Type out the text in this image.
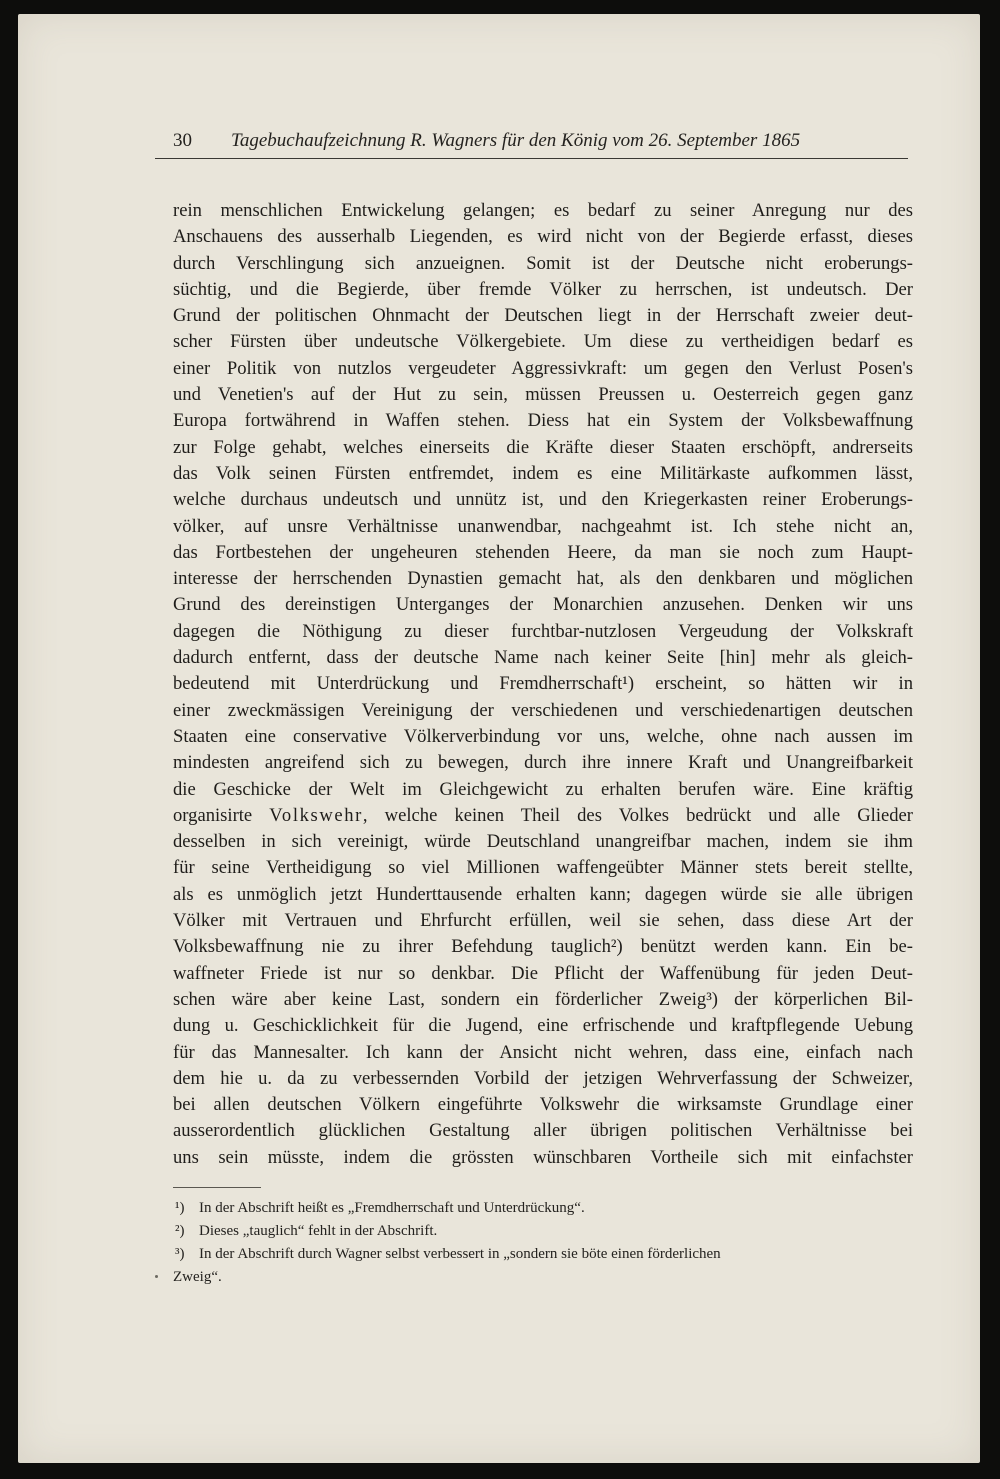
30 Tagebuchaufzeichnung R. Wagners für den König vom 26. September 1865
rein menschlichen Entwickelung gelangen; es bedarf zu seiner Anregung nur des
Anschauens des ausserhalb Liegenden, es wird nicht von der Begierde erfasst, dieses
durch Verschlingung sich anzueignen. Somit ist der Deutsche nicht eroberungs-
süchtig, und die Begierde, über fremde Völker zu herrschen, ist undeutsch. Der
Grund der politischen Ohnmacht der Deutschen liegt in der Herrschaft zweier deut-
scher Fürsten über undeutsche Völkergebiete. Um diese zu vertheidigen bedarf es
einer Politik von nutzlos vergeudeter Aggressivkraft: um gegen den Verlust Posen's
und Venetien's auf der Hut zu sein, müssen Preussen u. Oesterreich gegen ganz
Europa fortwährend in Waffen stehen. Diess hat ein System der Volksbewaffnung
zur Folge gehabt, welches einerseits die Kräfte dieser Staaten erschöpft, andrerseits
das Volk seinen Fürsten entfremdet, indem es eine Militärkaste aufkommen lässt,
welche durchaus undeutsch und unnütz ist, und den Kriegerkasten reiner Eroberungs-
völker, auf unsre Verhältnisse unanwendbar, nachgeahmt ist. Ich stehe nicht an,
das Fortbestehen der ungeheuren stehenden Heere, da man sie noch zum Haupt-
interesse der herrschenden Dynastien gemacht hat, als den denkbaren und möglichen
Grund des dereinstigen Unterganges der Monarchien anzusehen. Denken wir uns
dagegen die Nöthigung zu dieser furchtbar-nutzlosen Vergeudung der Volkskraft
dadurch entfernt, dass der deutsche Name nach keiner Seite [hin] mehr als gleich-
bedeutend mit Unterdrückung und Fremdherrschaft¹) erscheint, so hätten wir in
einer zweckmässigen Vereinigung der verschiedenen und verschiedenartigen deutschen
Staaten eine conservative Völkerverbindung vor uns, welche, ohne nach aussen im
mindesten angreifend sich zu bewegen, durch ihre innere Kraft und Unangreifbarkeit
die Geschicke der Welt im Gleichgewicht zu erhalten berufen wäre. Eine kräftig
organisirte Volkswehr, welche keinen Theil des Volkes bedrückt und alle Glieder
desselben in sich vereinigt, würde Deutschland unangreifbar machen, indem sie ihm
für seine Vertheidigung so viel Millionen waffengeübter Männer stets bereit stellte,
als es unmöglich jetzt Hunderttausende erhalten kann; dagegen würde sie alle übrigen
Völker mit Vertrauen und Ehrfurcht erfüllen, weil sie sehen, dass diese Art der
Volksbewaffnung nie zu ihrer Befehdung tauglich²) benützt werden kann. Ein be-
waffneter Friede ist nur so denkbar. Die Pflicht der Waffenübung für jeden Deut-
schen wäre aber keine Last, sondern ein förderlicher Zweig³) der körperlichen Bil-
dung u. Geschicklichkeit für die Jugend, eine erfrischende und kraftpflegende Uebung
für das Mannesalter. Ich kann der Ansicht nicht wehren, dass eine, einfach nach
dem hie u. da zu verbessernden Vorbild der jetzigen Wehrverfassung der Schweizer,
bei allen deutschen Völkern eingeführte Volkswehr die wirksamste Grundlage einer
ausserordentlich glücklichen Gestaltung aller übrigen politischen Verhältnisse bei
uns sein müsste, indem die grössten wünschbaren Vortheile sich mit einfachster
¹) In der Abschrift heißt es „Fremdherrschaft und Unterdrückung“.
²) Dieses „tauglich“ fehlt in der Abschrift.
³) In der Abschrift durch Wagner selbst verbessert in „sondern sie böte einen förderlichen
Zweig“.
